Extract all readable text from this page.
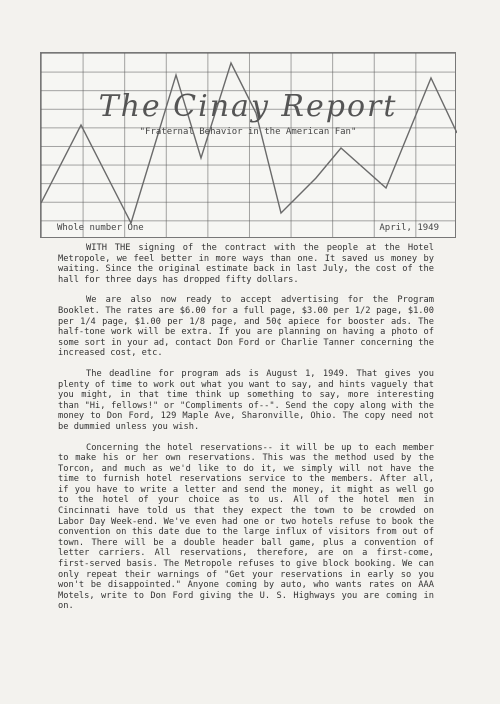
The Cinay Report
"Fraternal Behavior in the American Fan"
Whole number One	April, 1949

WITH THE signing of the contract with the people at the Hotel Metropole, we feel better in more ways than one. It saved us money by waiting. Since the original estimate back in last July, the cost of the hall for three days has dropped fifty dollars.

We are also now ready to accept advertising for the Program Booklet. The rates are $6.00 for a full page, $3.00 per 1/2 page, $1.00 per 1/4 page, $1.00 per 1/8 page, and 50¢ apiece for booster ads. The half-tone work will be extra. If you are planning on having a photo of some sort in your ad, contact Don Ford or Charlie Tanner concerning the increased cost, etc.

The deadline for program ads is August 1, 1949. That gives you plenty of time to work out what you want to say, and hints vaguely that you might, in that time think up something to say, more interesting than "Hi, fellows!" or "Compliments of--". Send the copy along with the money to Don Ford, 129 Maple Ave, Sharonville, Ohio. The copy need not be dummied unless you wish.

Concerning the hotel reservations-- it will be up to each member to make his or her own reservations. This was the method used by the Torcon, and much as we'd like to do it, we simply will not have the time to furnish hotel reservations service to the members. After all, if you have to write a letter and send the money, it might as well go to the hotel of your choice as to us. All of the hotel men in Cincinnati have told us that they expect the town to be crowded on Labor Day Week-end. We've even had one or two hotels refuse to book the convention on this date due to the large influx of visitors from out of town. There will be a double header ball game, plus a convention of letter carriers. All reservations, therefore, are on a first-come, first-served basis. The Metropole refuses to give block booking. We can only repeat their warnings of "Get your reservations in early so you won't be disappointed." Anyone coming by auto, who wants rates on AAA Motels, write to Don Ford giving the U. S. Highways you are coming in on.
